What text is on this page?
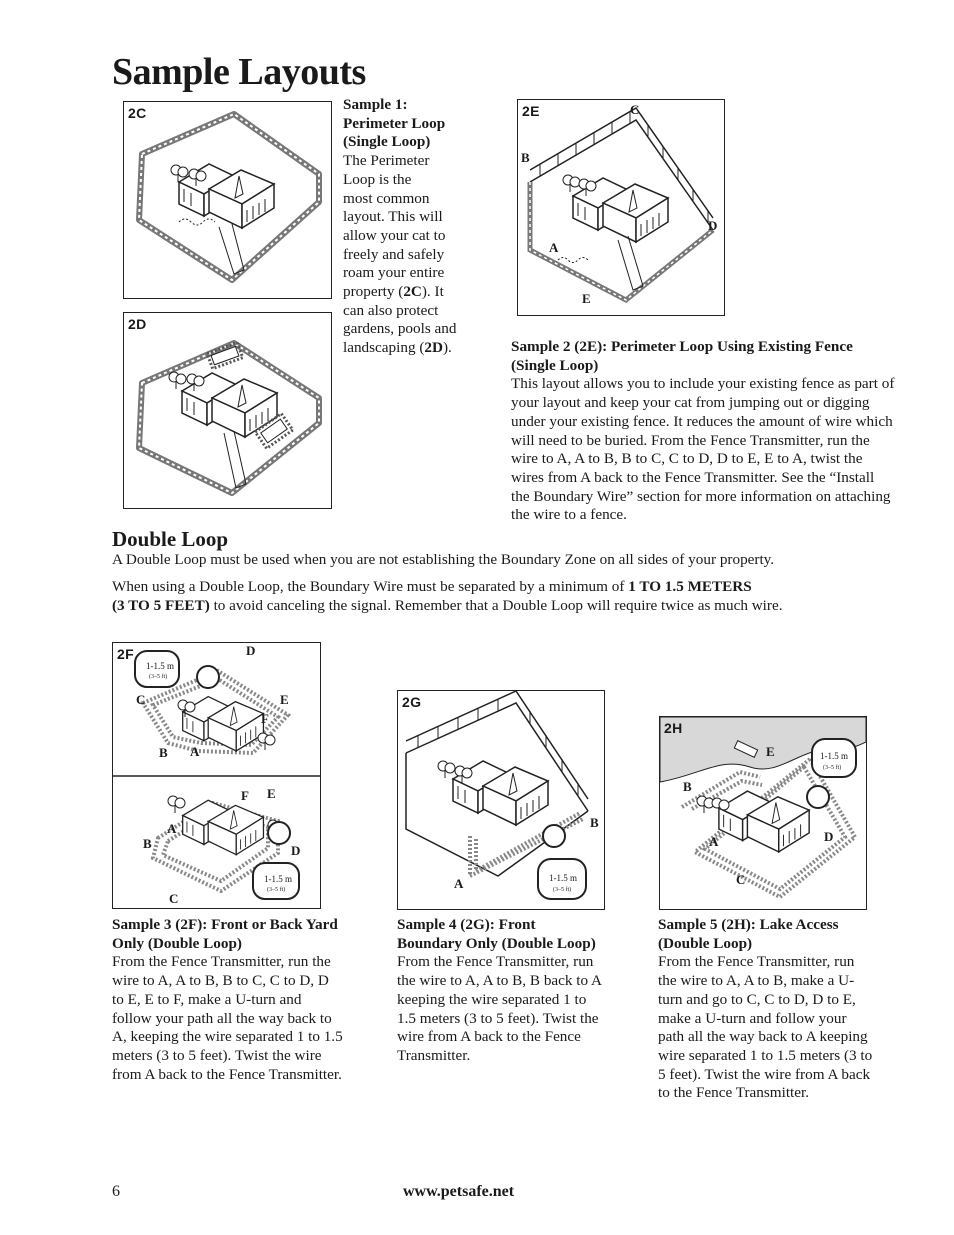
Sample Layouts
2C
2D
Sample 1:
Perimeter Loop
(Single Loop)
The Perimeter
Loop is the
most common
layout. This will
allow your cat to
freely and safely
roam your entire
property (2C). It
can also protect
gardens, pools and
landscaping (2D).
2E	C
B
D
A
E
Sample 2 (2E): Perimeter Loop Using Existing Fence (Single Loop)
This layout allows you to include your existing fence as part of your layout and keep your cat from jumping out or digging under your existing fence. It reduces the amount of wire which will need to be buried. From the Fence Transmitter, run the wire to A, A to B, B to C, C to D, D to E, E to A, twist the wires from A back to the Fence Transmitter. See the “Install the Boundary Wire” section for more information on attaching the wire to a fence.
Double Loop
A Double Loop must be used when you are not establishing the Boundary Zone on all sides of your property.
When using a Double Loop, the Boundary Wire must be separated by a minimum of 1 TO 1.5 METERS
(3 TO 5 FEET) to avoid canceling the signal. Remember that a Double Loop will require twice as much wire.
2F
1-1.5 m
(3–5 ft)
1-1.5 m
(3–5 ft)
D
C	E
F
B A
F E
A
B	D
C
2G
1-1.5 m
(3–5 ft)
B
A
2H
1-1.5 m
(3–5 ft)
E
B
A	D
C
Sample 3 (2F): Front or Back Yard Only (Double Loop)
From the Fence Transmitter, run the wire to A, A to B, B to C, C to D, D to E, E to F, make a U-turn and follow your path all the way back to A, keeping the wire separated 1 to 1.5 meters (3 to 5 feet). Twist the wire from A back to the Fence Transmitter.
Sample 4 (2G): Front Boundary Only (Double Loop)
From the Fence Transmitter, run the wire to A, A to B, B back to A keeping the wire separated 1 to 1.5 meters (3 to 5 feet). Twist the wire from A back to the Fence Transmitter.
Sample 5 (2H): Lake Access (Double Loop)
From the Fence Transmitter, run the wire to A, A to B, make a U-turn and go to C, C to D, D to E, make a U-turn and follow your path all the way back to A keeping wire separated 1 to 1.5 meters (3 to 5 feet). Twist the wire from A back to the Fence Transmitter.
6	www.petsafe.net
